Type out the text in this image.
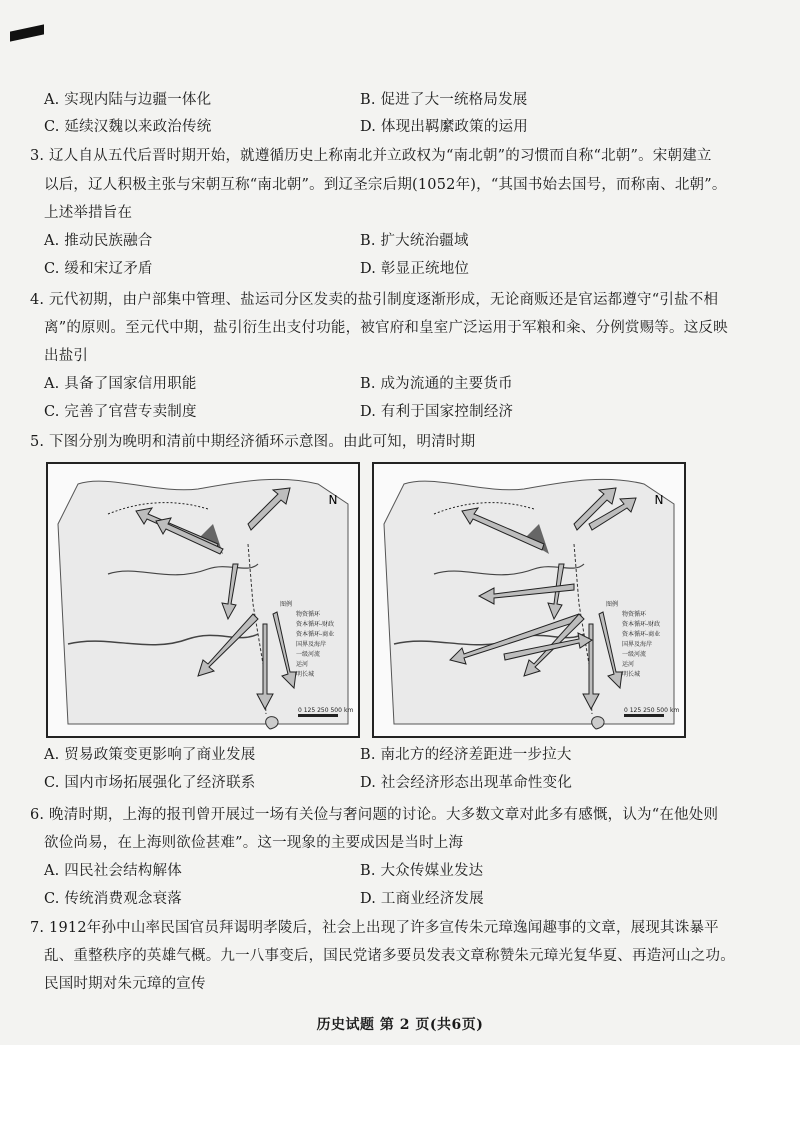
A. 实现内陆与边疆一体化	B. 促进了大一统格局发展
C. 延续汉魏以来政治传统	D. 体现出羁縻政策的运用
3. 辽人自从五代后晋时期开始，就遵循历史上称南北并立政权为“南北朝”的习惯而自称“北朝”。宋朝建立
以后，辽人积极主张与宋朝互称“南北朝”。到辽圣宗后期(1052年)，“其国书始去国号，而称南、北朝”。
上述举措旨在
A. 推动民族融合	B. 扩大统治疆域
C. 缓和宋辽矛盾	D. 彰显正统地位
4. 元代初期，由户部集中管理、盐运司分区发卖的盐引制度逐渐形成，无论商贩还是官运都遵守“引盐不相
离”的原则。至元代中期，盐引衍生出支付功能，被官府和皇室广泛运用于军粮和籴、分例赏赐等。这反映
出盐引
A. 具备了国家信用职能	B. 成为流通的主要货币
C. 完善了官营专卖制度	D. 有利于国家控制经济
5. 下图分别为晚明和清前中期经济循环示意图。由此可知，明清时期
N
图例
物资循环
资本循环-财政
资本循环-商业
国界及海岸
一级河流
运河
明长城
0 125 250 500 km
N
图例
物资循环
资本循环-财政
资本循环-商业
国界及海岸
一级河流
运河
明长城
0 125 250 500 km
A. 贸易政策变更影响了商业发展	B. 南北方的经济差距进一步拉大
C. 国内市场拓展强化了经济联系	D. 社会经济形态出现革命性变化
6. 晚清时期，上海的报刊曾开展过一场有关俭与奢问题的讨论。大多数文章对此多有感慨，认为“在他处则
欲俭尚易，在上海则欲俭甚难”。这一现象的主要成因是当时上海
A. 四民社会结构解体	B. 大众传媒业发达
C. 传统消费观念衰落	D. 工商业经济发展
7. 1912年孙中山率民国官员拜谒明孝陵后，社会上出现了许多宣传朱元璋逸闻趣事的文章，展现其诛暴平
乱、重整秩序的英雄气概。九一八事变后，国民党诸多要员发表文章称赞朱元璋光复华夏、再造河山之功。
民国时期对朱元璋的宣传
历史试题 第 2 页(共6页)
